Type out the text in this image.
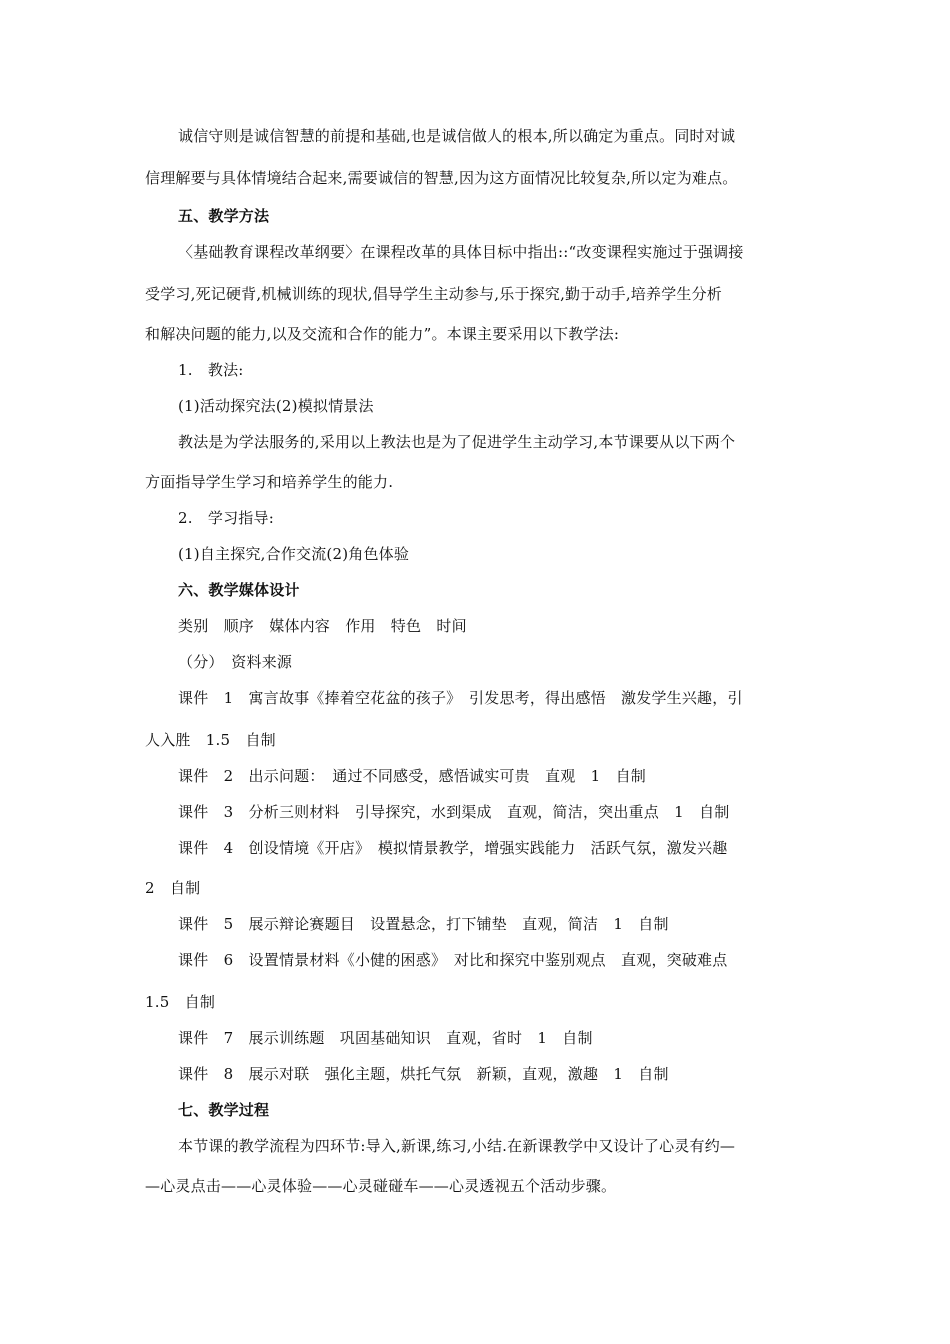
诚信守则是诚信智慧的前提和基础,也是诚信做人的根本,所以确定为重点。同时对诚
信理解要与具体情境结合起来,需要诚信的智慧,因为这方面情况比较复杂,所以定为难点。
五、教学方法
〈基础教育课程改革纲要〉在课程改革的具体目标中指出::“改变课程实施过于强调接
受学习,死记硬背,机械训练的现状,倡导学生主动参与,乐于探究,勤于动手,培养学生分析
和解决问题的能力,以及交流和合作的能力”。本课主要采用以下教学法:
1.　教法:
(1)活动探究法(2)模拟情景法
教法是为学法服务的,采用以上教法也是为了促进学生主动学习,本节课要从以下两个
方面指导学生学习和培养学生的能力.
2.　学习指导:
(1)自主探究,合作交流(2)角色体验
六、教学媒体设计
类别　顺序　媒体内容　作用　特色　时间
（分）　资料来源
课件　1　寓言故事《捧着空花盆的孩子》　引发思考，得出感悟　激发学生兴趣，引
人入胜　1.5　自制
课件　2　出示问题：　通过不同感受，感悟诚实可贵　直观　1　自制
课件　3　分析三则材料　引导探究，水到渠成　直观，简洁，突出重点　1　自制
课件　4　创设情境《开店》　模拟情景教学，增强实践能力　活跃气氛，激发兴趣
2　自制
课件　5　展示辩论赛题目　设置悬念，打下铺垫　直观，简洁　1　自制
课件　6　设置情景材料《小健的困惑》　对比和探究中鉴别观点　直观，突破难点
1.5　自制
课件　7　展示训练题　巩固基础知识　直观，省时　1　自制
课件　8　展示对联　强化主题，烘托气氛　新颖，直观，激趣　1　自制
七、教学过程
本节课的教学流程为四环节:导入,新课,练习,小结.在新课教学中又设计了心灵有约—
—心灵点击——心灵体验——心灵碰碰车——心灵透视五个活动步骤。
